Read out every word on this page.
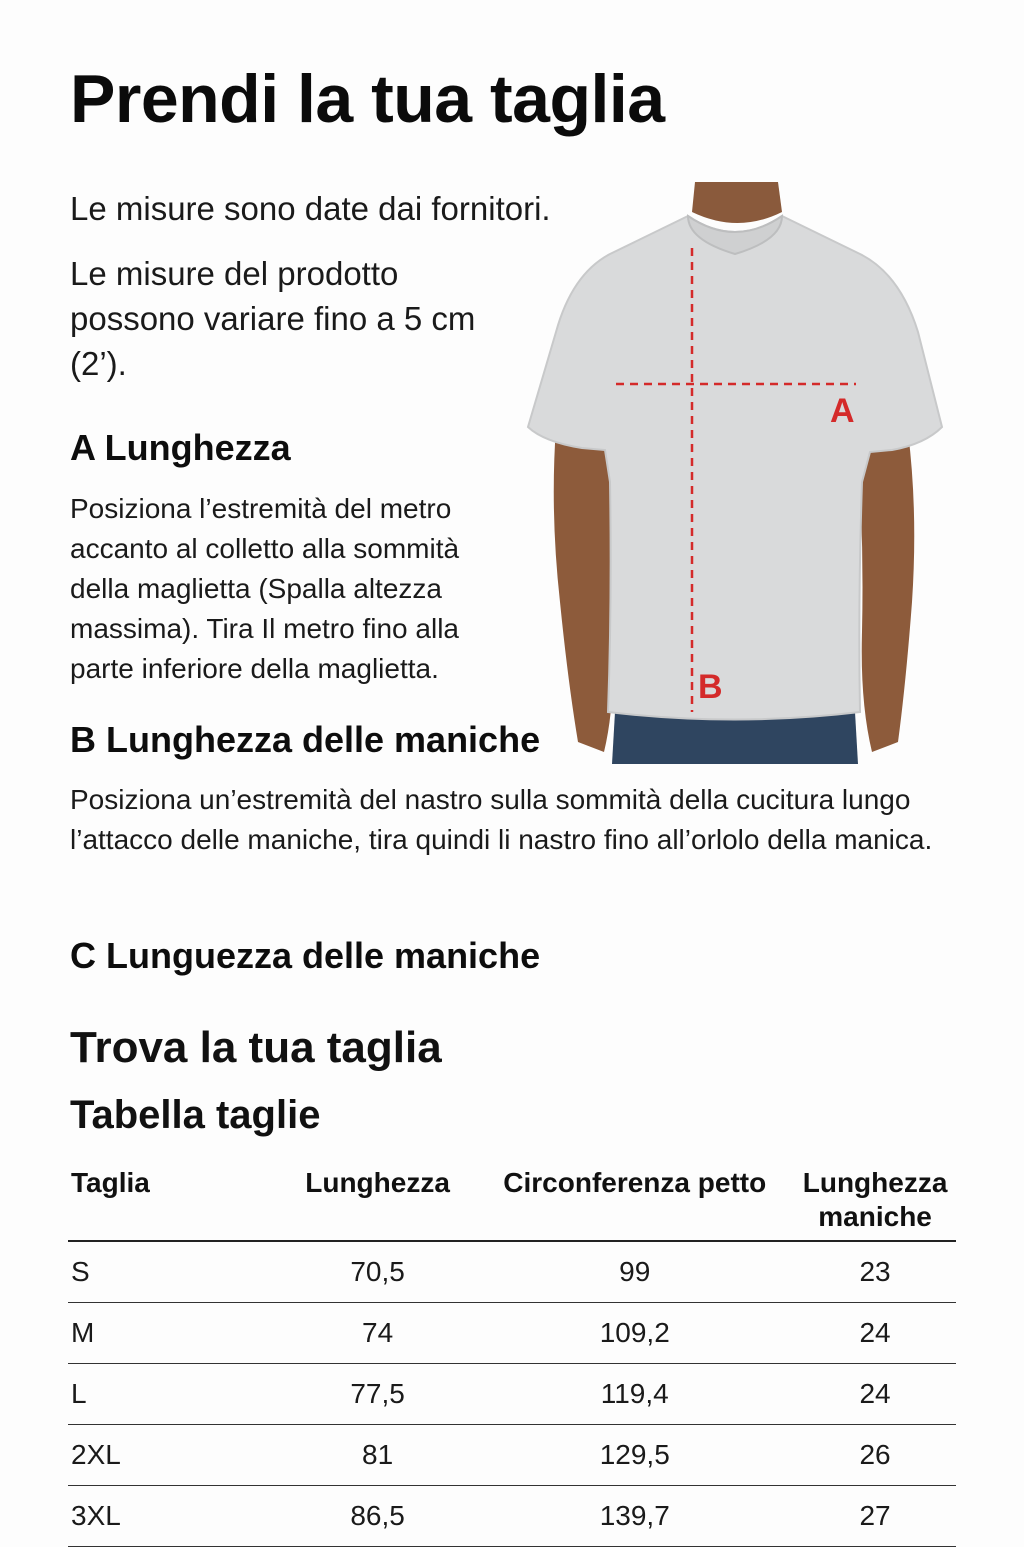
Prendi la tua taglia

Le misure sono date dai fornitori.

Le misure del prodotto possono variare fino a 5 cm (2’).

A
B
A Lunghezza

Posiziona l’estremità del metro accanto al colletto alla sommità della maglietta (Spalla altezza massima). Tira Il metro fino alla parte inferiore della maglietta.

B Lunghezza delle maniche

Posiziona un’estremità del nastro sulla sommità della cucitura lungo l’attacco delle maniche, tira quindi li nastro fino all’orlolo della manica.

C Lunguezza delle maniche
Trova la tua taglia
Tabella taglie
Taglia	Lunghezza	Circonferenza petto	Lunghezza maniche
S	70,5	99	23
M	74	109,2	24
L	77,5	119,4	24
2XL	81	129,5	26
3XL	86,5	139,7	27
